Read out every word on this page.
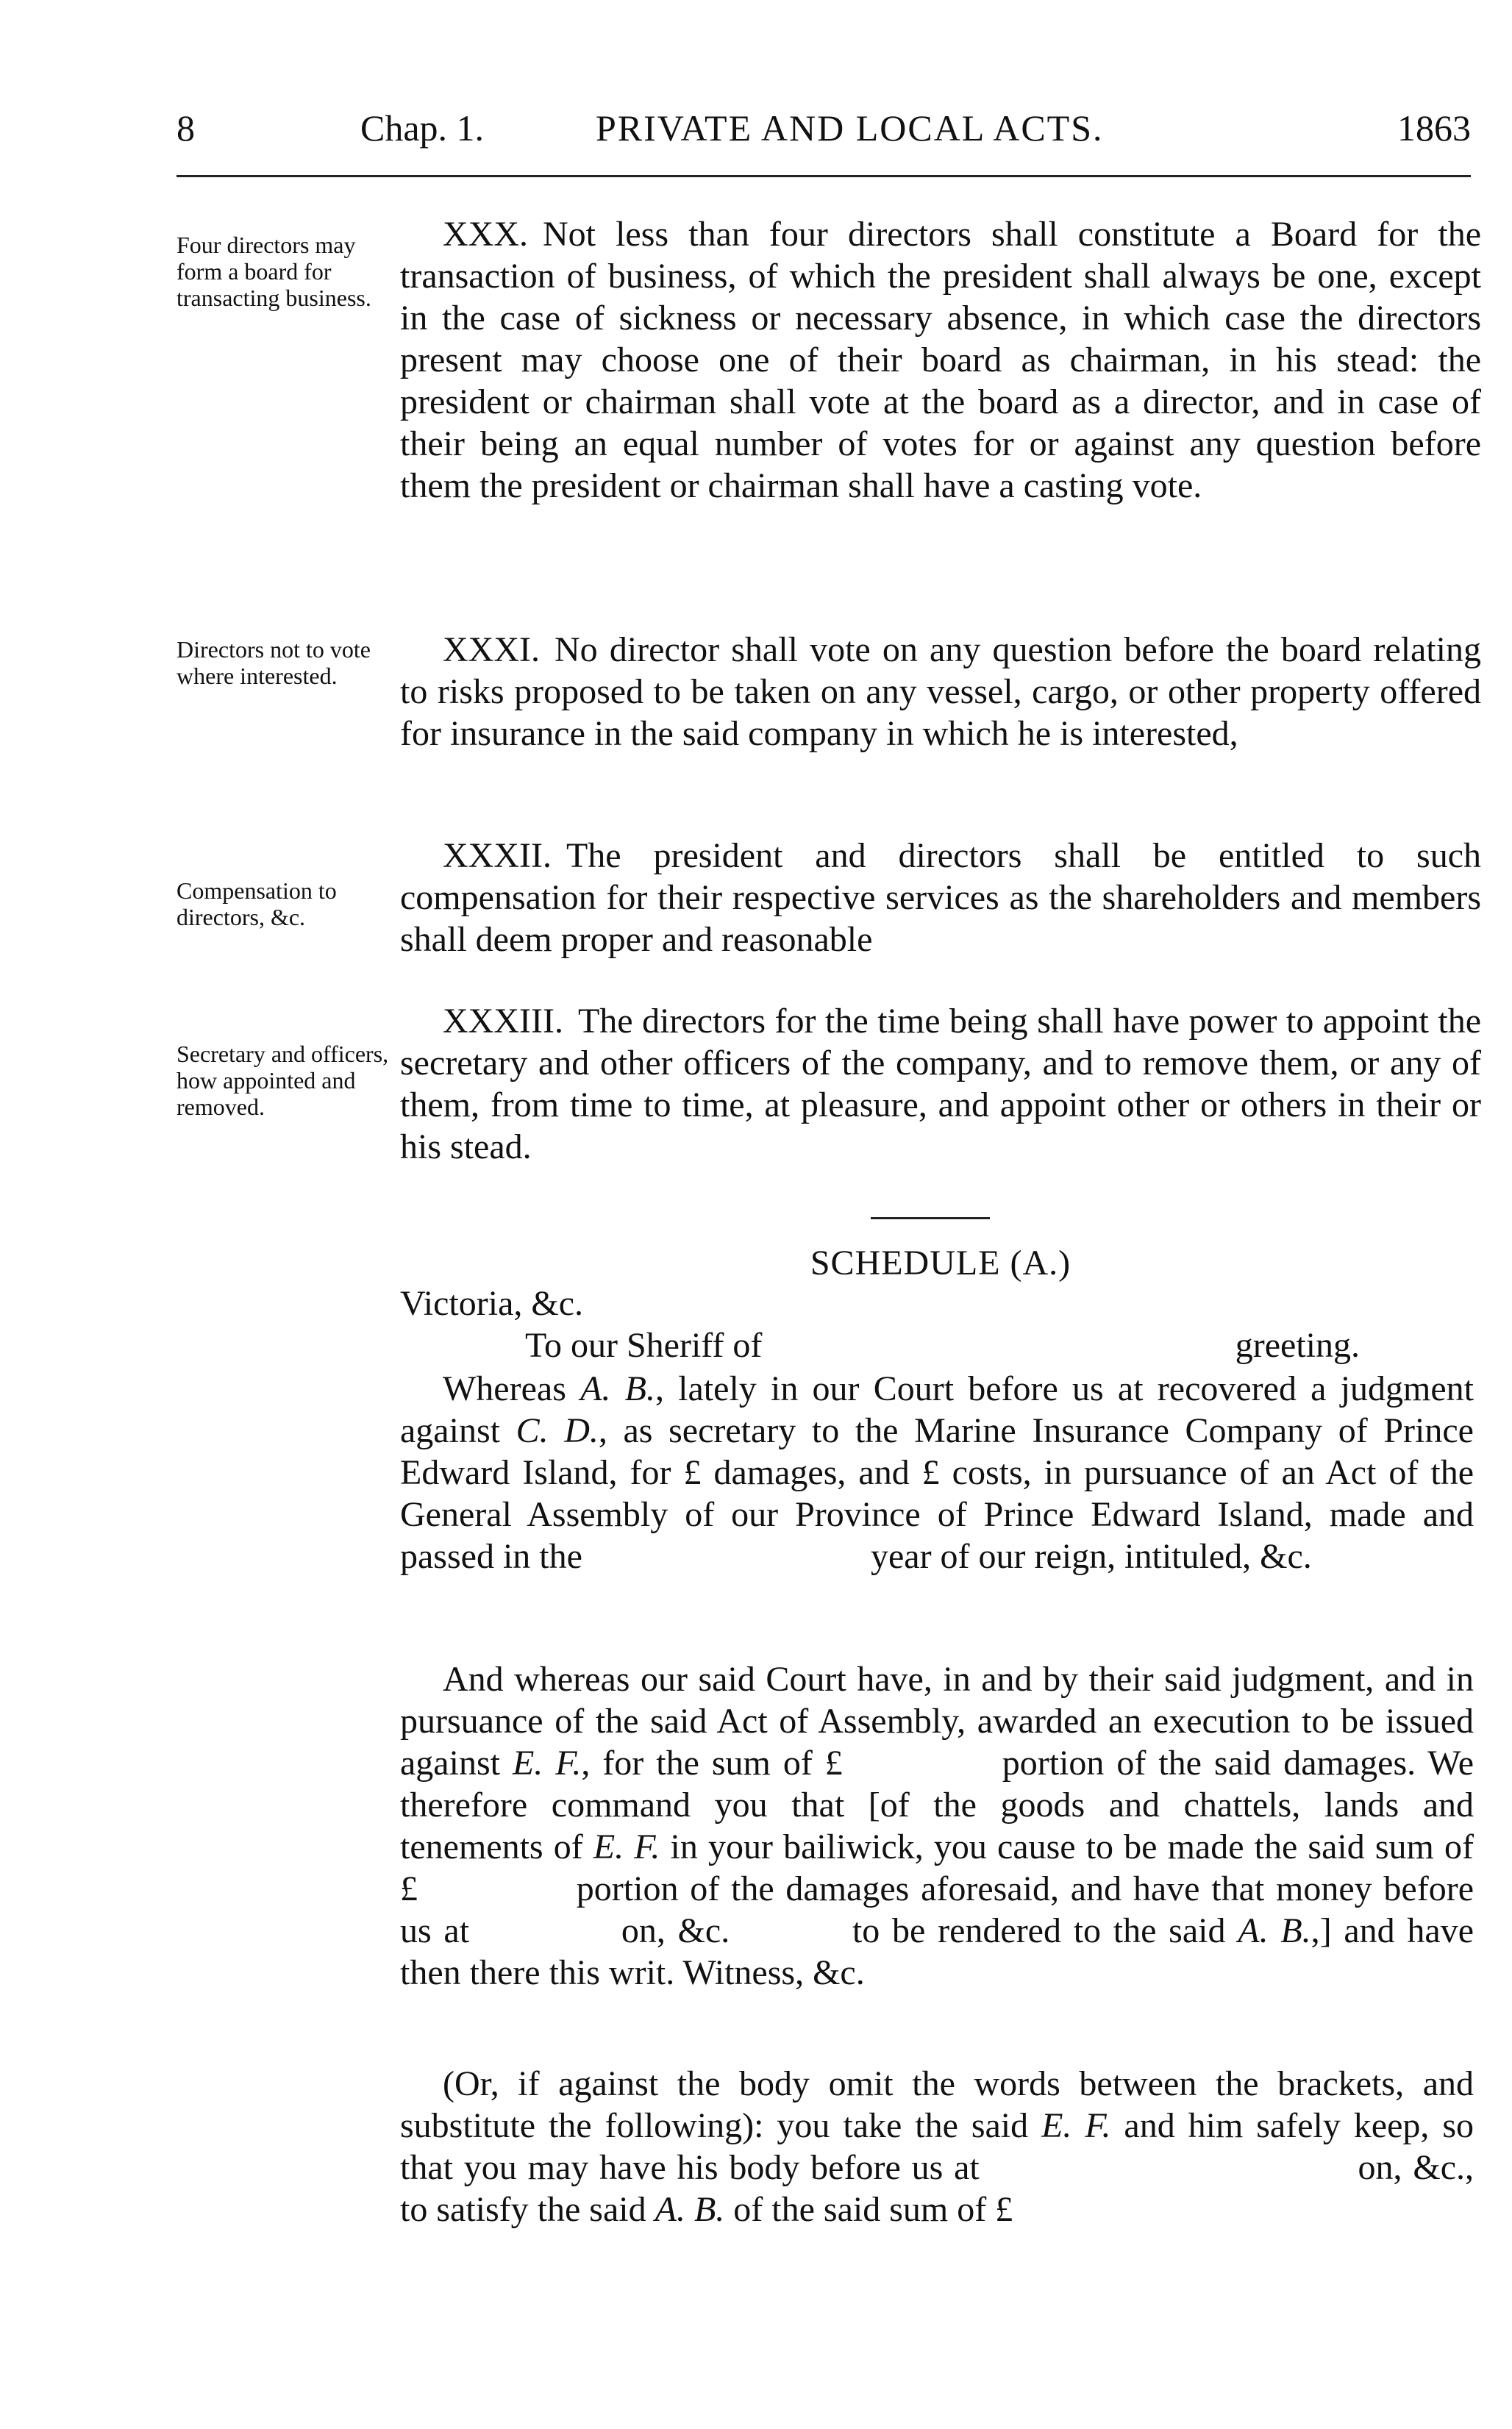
8	Chap. 1.	PRIVATE AND LOCAL ACTS.	1863
Four directors may form a board for transacting business.
XXX. Not less than four directors shall constitute a Board for the transaction of business, of which the president shall always be one, except in the case of sickness or necessary absence, in which case the directors present may choose one of their board as chairman, in his stead: the president or chairman shall vote at the board as a director, and in case of their being an equal number of votes for or against any question before them the president or chairman shall have a casting vote.
Directors not to vote where interested.
XXXI. No director shall vote on any question before the board relating to risks proposed to be taken on any vessel, cargo, or other property offered for insurance in the said company in which he is interested,
Compensation to directors, &c.
XXXII. The president and directors shall be entitled to such compensation for their respective services as the shareholders and members shall deem proper and reasonable
Secretary and officers, how appointed and removed.
XXXIII. The directors for the time being shall have power to appoint the secretary and other officers of the company, and to remove them, or any of them, from time to time, at pleasure, and appoint other or others in their or his stead.
SCHEDULE (A.)
Victoria, &c.
To our Sheriff of	greeting.
Whereas A. B., lately in our Court before us at recovered a judgment against C. D., as secretary to the Marine Insurance Company of Prince Edward Island, for £ damages, and £ costs, in pursuance of an Act of the General Assembly of our Province of Prince Edward Island, made and passed in the	year of our reign, intituled, &c.
And whereas our said Court have, in and by their said judgment, and in pursuance of the said Act of Assembly, awarded an execution to be issued against E. F., for the sum of £	portion of the said damages. We therefore command you that [of the goods and chattels, lands and tenements of E. F. in your bailiwick, you cause to be made the said sum of £	portion of the damages aforesaid, and have that money before us at	on, &c.	to be rendered to the said A. B.,] and have then there this writ. Witness, &c.
(Or, if against the body omit the words between the brackets, and substitute the following): you take the said E. F. and him safely keep, so that you may have his body before us at	on, &c., to satisfy the said A. B. of the said sum of £
